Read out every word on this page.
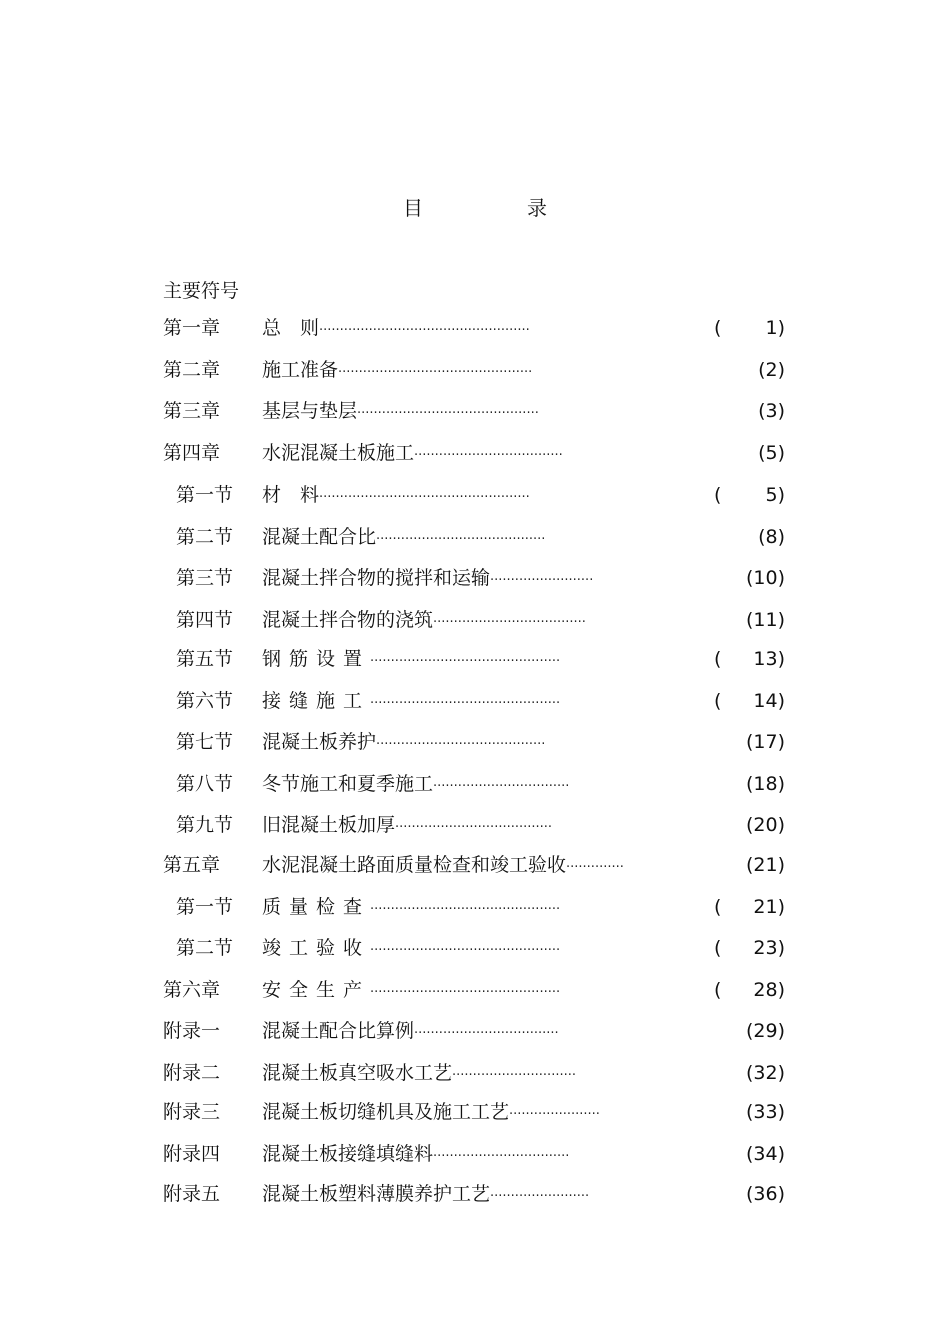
目　录
主要符号
第一章 总　则···················································	( 1)
第二章 施工准备···············································	(2)
第三章 基层与垫层············································	(3)
第四章 水泥混凝土板施工····································	(5)
第一节 材　料···················································	( 5)
第二节 混凝土配合比·········································	(8)
第三节 混凝土拌合物的搅拌和运输·························	(10)
第四节 混凝土拌合物的浇筑·····································	(11)
第五节 钢筋设置··············································	( 13)
第六节 接缝施工··············································	( 14)
第七节 混凝土板养护·········································	(17)
第八节 冬节施工和夏季施工·································	(18)
第九节 旧混凝土板加厚······································	(20)
第五章 水泥混凝土路面质量检查和竣工验收··············	(21)
第一节 质量检查··············································	( 21)
第二节 竣工验收··············································	( 23)
第六章 安全生产··············································	( 28)
附录一 混凝土配合比算例···································	(29)
附录二 混凝土板真空吸水工艺······························	(32)
附录三 混凝土板切缝机具及施工工艺······················	(33)
附录四 混凝土板接缝填缝料·································	(34)
附录五 混凝土板塑料薄膜养护工艺························	(36)
